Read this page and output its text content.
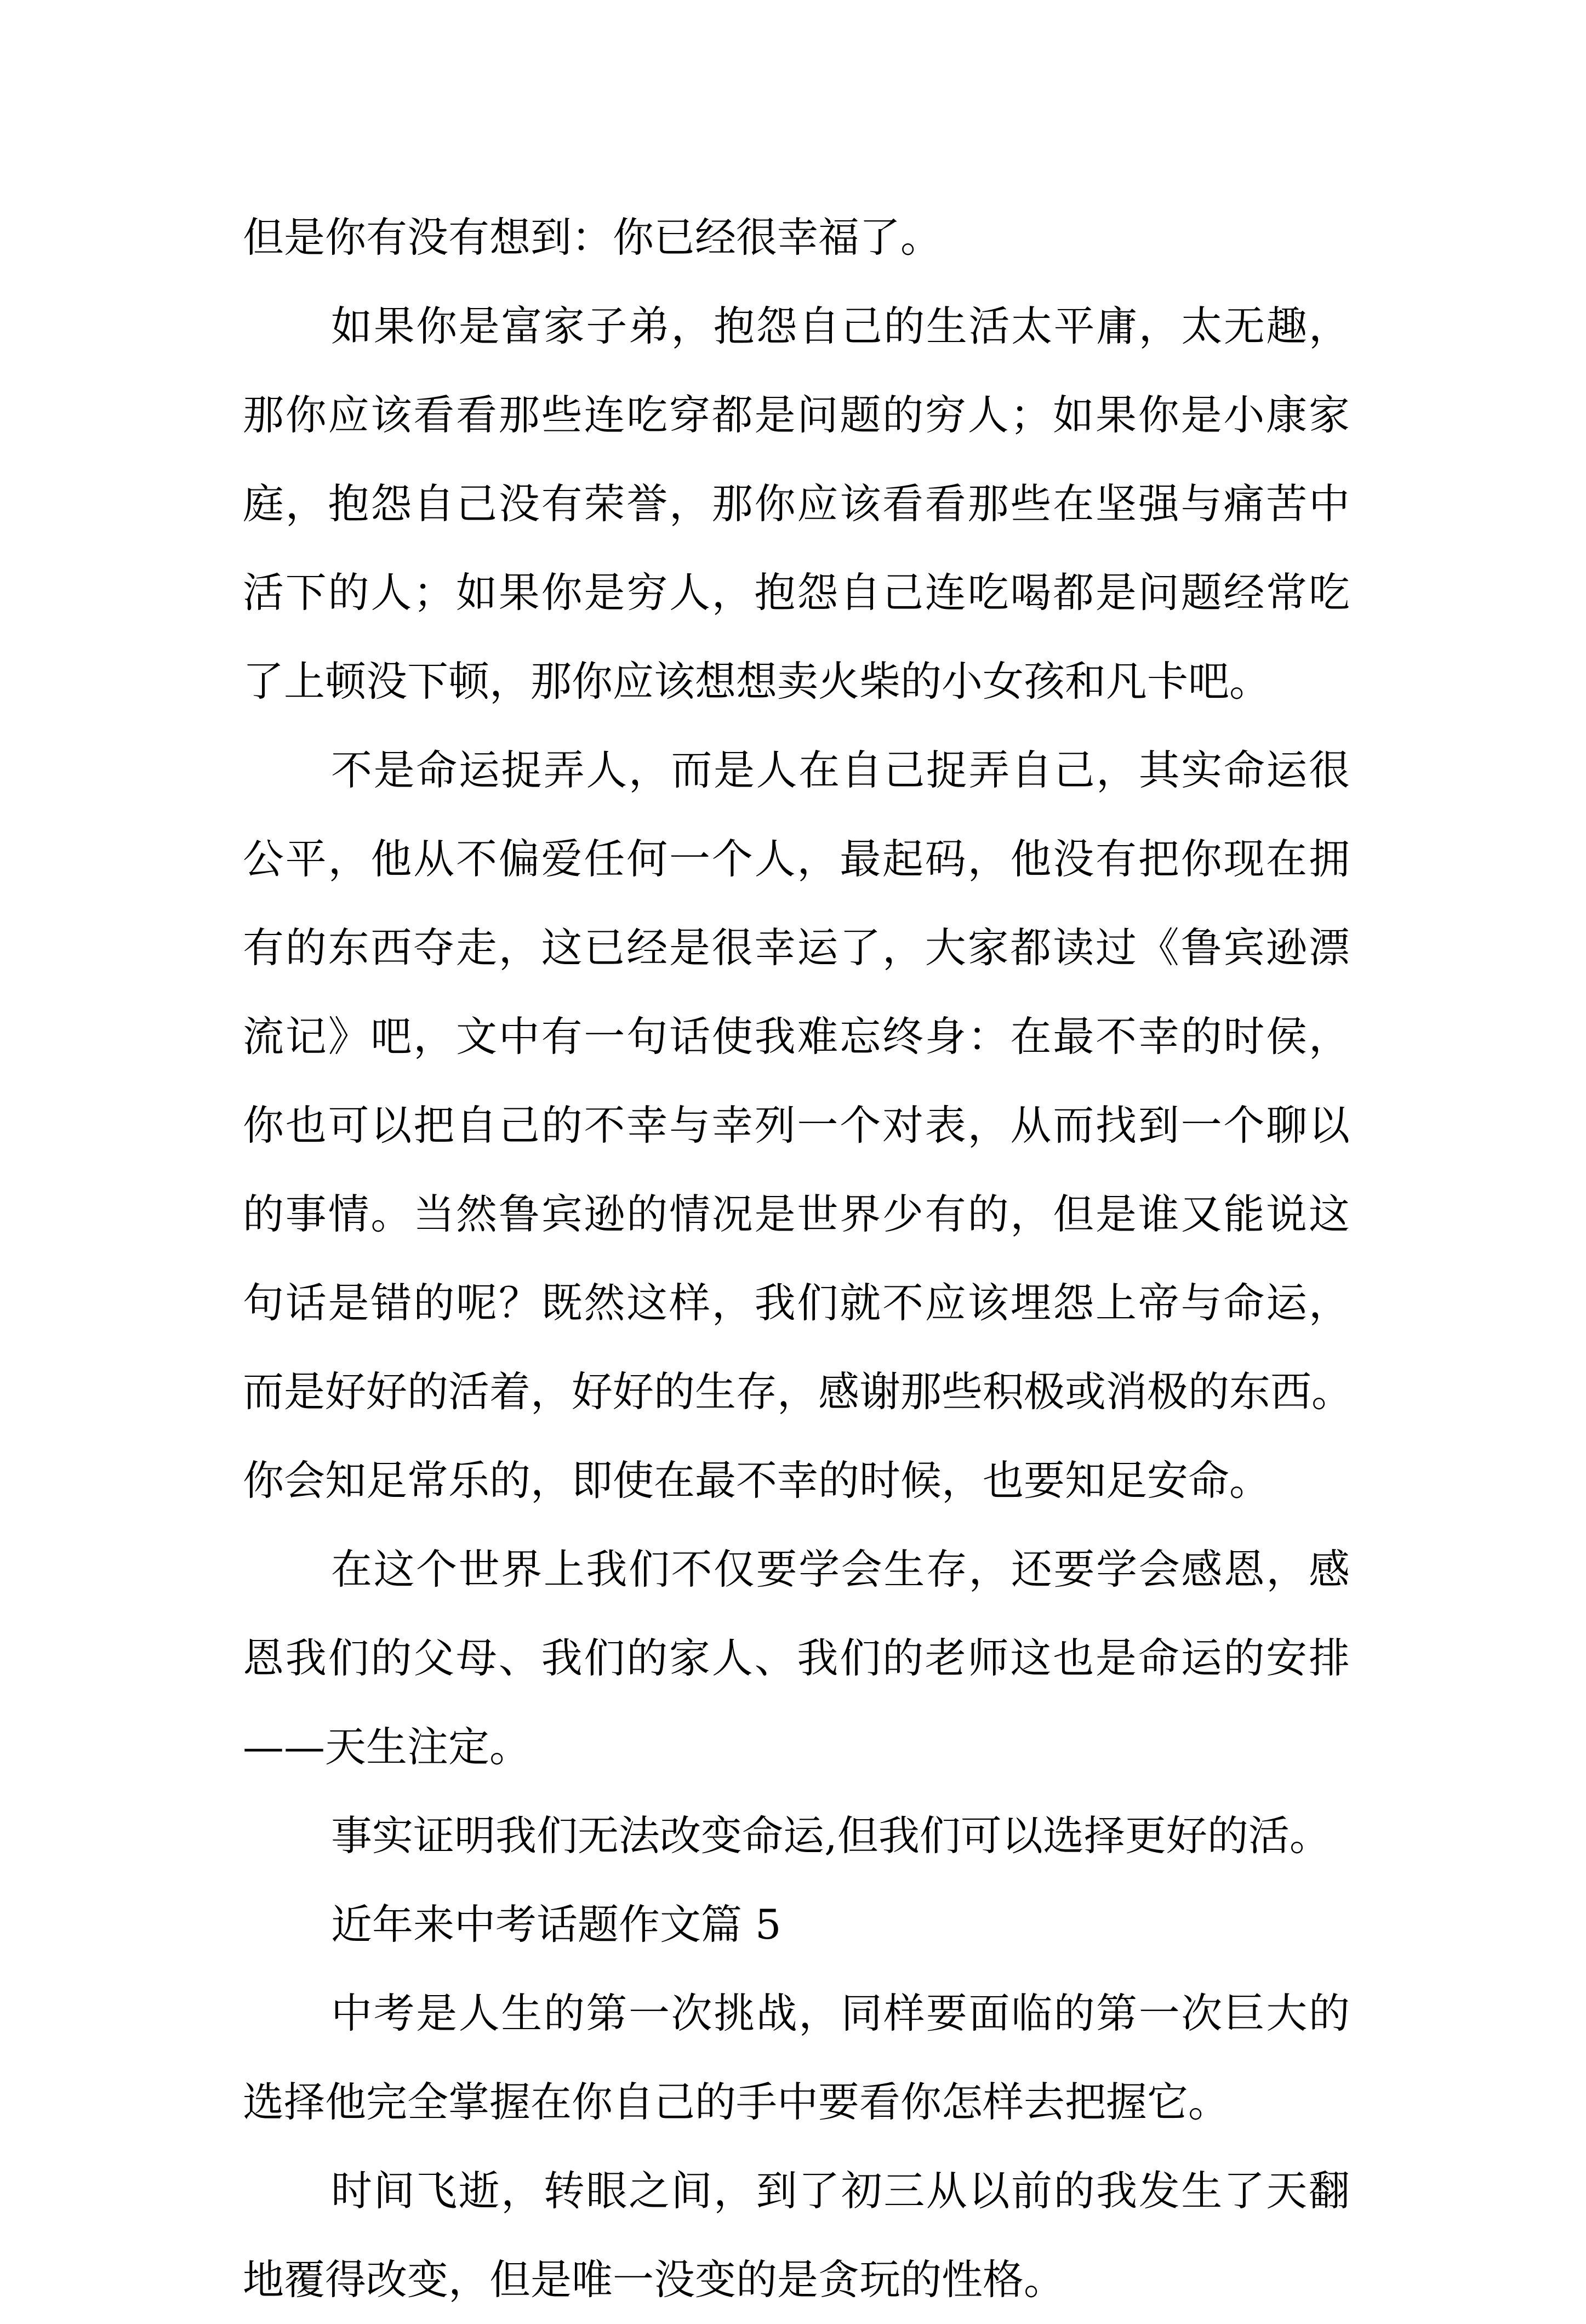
但是你有没有想到：你已经很幸福了。
如果你是富家子弟，抱怨自己的生活太平庸，太无趣，
那你应该看看那些连吃穿都是问题的穷人；如果你是小康家
庭，抱怨自己没有荣誉，那你应该看看那些在坚强与痛苦中
活下的人；如果你是穷人，抱怨自己连吃喝都是问题经常吃
了上顿没下顿，那你应该想想卖火柴的小女孩和凡卡吧。
不是命运捉弄人，而是人在自己捉弄自己，其实命运很
公平，他从不偏爱任何一个人，最起码，他没有把你现在拥
有的东西夺走，这已经是很幸运了，大家都读过《鲁宾逊漂
流记》吧，文中有一句话使我难忘终身：在最不幸的时侯，
你也可以把自己的不幸与幸列一个对表，从而找到一个聊以
的事情。当然鲁宾逊的情况是世界少有的，但是谁又能说这
句话是错的呢？既然这样，我们就不应该埋怨上帝与命运，
而是好好的活着，好好的生存，感谢那些积极或消极的东西。
你会知足常乐的，即使在最不幸的时候，也要知足安命。
在这个世界上我们不仅要学会生存，还要学会感恩，感
恩我们的父母、我们的家人、我们的老师这也是命运的安排
——天生注定。
事实证明我们无法改变命运,但我们可以选择更好的活。
近年来中考话题作文篇 5
中考是人生的第一次挑战，同样要面临的第一次巨大的
选择他完全掌握在你自己的手中要看你怎样去把握它。
时间飞逝，转眼之间，到了初三从以前的我发生了天翻
地覆得改变，但是唯一没变的是贪玩的性格。
